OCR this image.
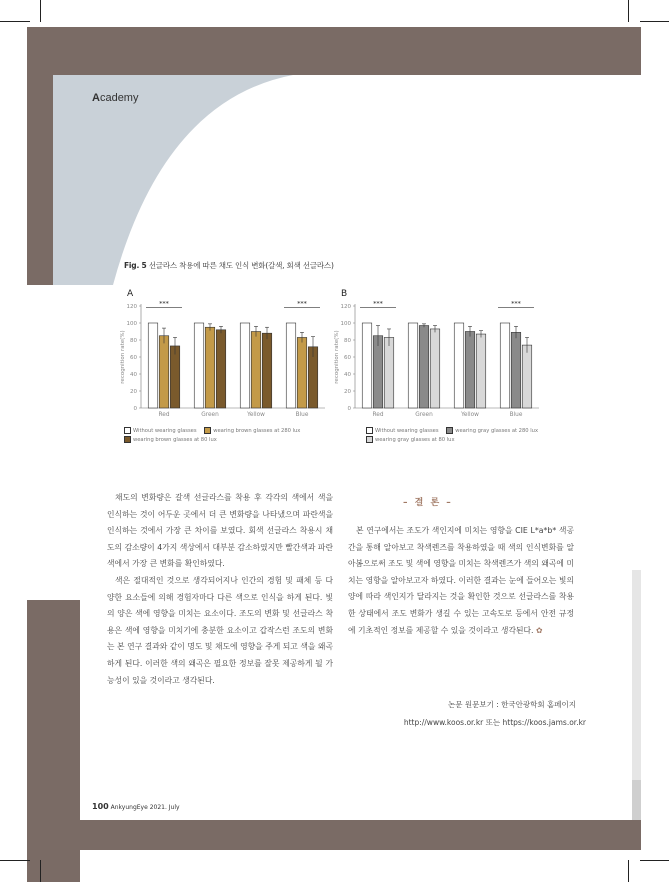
Academy
Fig. 5 선글라스 착용에 따른 채도 인식 변화(갈색, 회색 선글라스)
A	B
recognition rate(%)
0
20
40
60
80
100
120
Red	Green	Yellow	Blue
***	***
recognition rate(%)
0
20
40
60
80
100
120
Red	Green	Yellow	Blue
***	***
Without wearing glasses	wearing brown glasses at 280 lux
wearing brown glasses at 80 lux
Without wearing glasses	wearing gray glasses at 280 lux
wearing gray glasses at 80 lux

채도의 변화량은 갈색 선글라스를 착용 후 각각의 색에서 색을 인식하는 것이 어두운 곳에서 더 큰 변화량을 나타냈으며 파란색을 인식하는 것에서 가장 큰 차이를 보였다. 회색 선글라스 착용시 채도의 감소량이 4가지 색상에서 대부분 감소하였지만 빨간색과 파란색에서 가장 큰 변화를 확인하였다.

색은 절대적인 것으로 생각되어지나 인간의 경험 및 패체 등 다양한 요소들에 의해 경험자마다 다른 색으로 인식을 하게 된다. 빛의 양은 색에 영향을 미치는 요소이다. 조도의 변화 및 선글라스 착용은 색에 영향을 미치기에 충분한 요소이고 갑작스런 조도의 변화는 본 연구 결과와 같이 명도 및 채도에 영향을 주게 되고 색을 왜곡하게 된다. 이러한 색의 왜곡은 필요한 정보를 잘못 제공하게 될 가능성이 있을 것이라고 생각된다.

– 결 론 –

본 연구에서는 조도가 색인지에 미치는 영향을 CIE L*a*b* 색공간을 통해 알아보고 착색렌즈를 착용하였을 때 색의 인식변화를 알아봄으로써 조도 및 색에 영향을 미치는 착색렌즈가 색의 왜곡에 미치는 영향을 알아보고자 하였다. 이러한 결과는 눈에 들어오는 빛의 양에 따라 색인지가 달라지는 것을 확인한 것으로 선글라스를 착용한 상태에서 조도 변화가 생길 수 있는 고속도로 등에서 안전 규정에 기초적인 정보를 제공할 수 있을 것이라고 생각된다. ✿

논문 원문보기 : 한국안광학회 홈페이지
http://www.koos.or.kr 또는 https://koos.jams.or.kr
100 AnkyungEye 2021. July
